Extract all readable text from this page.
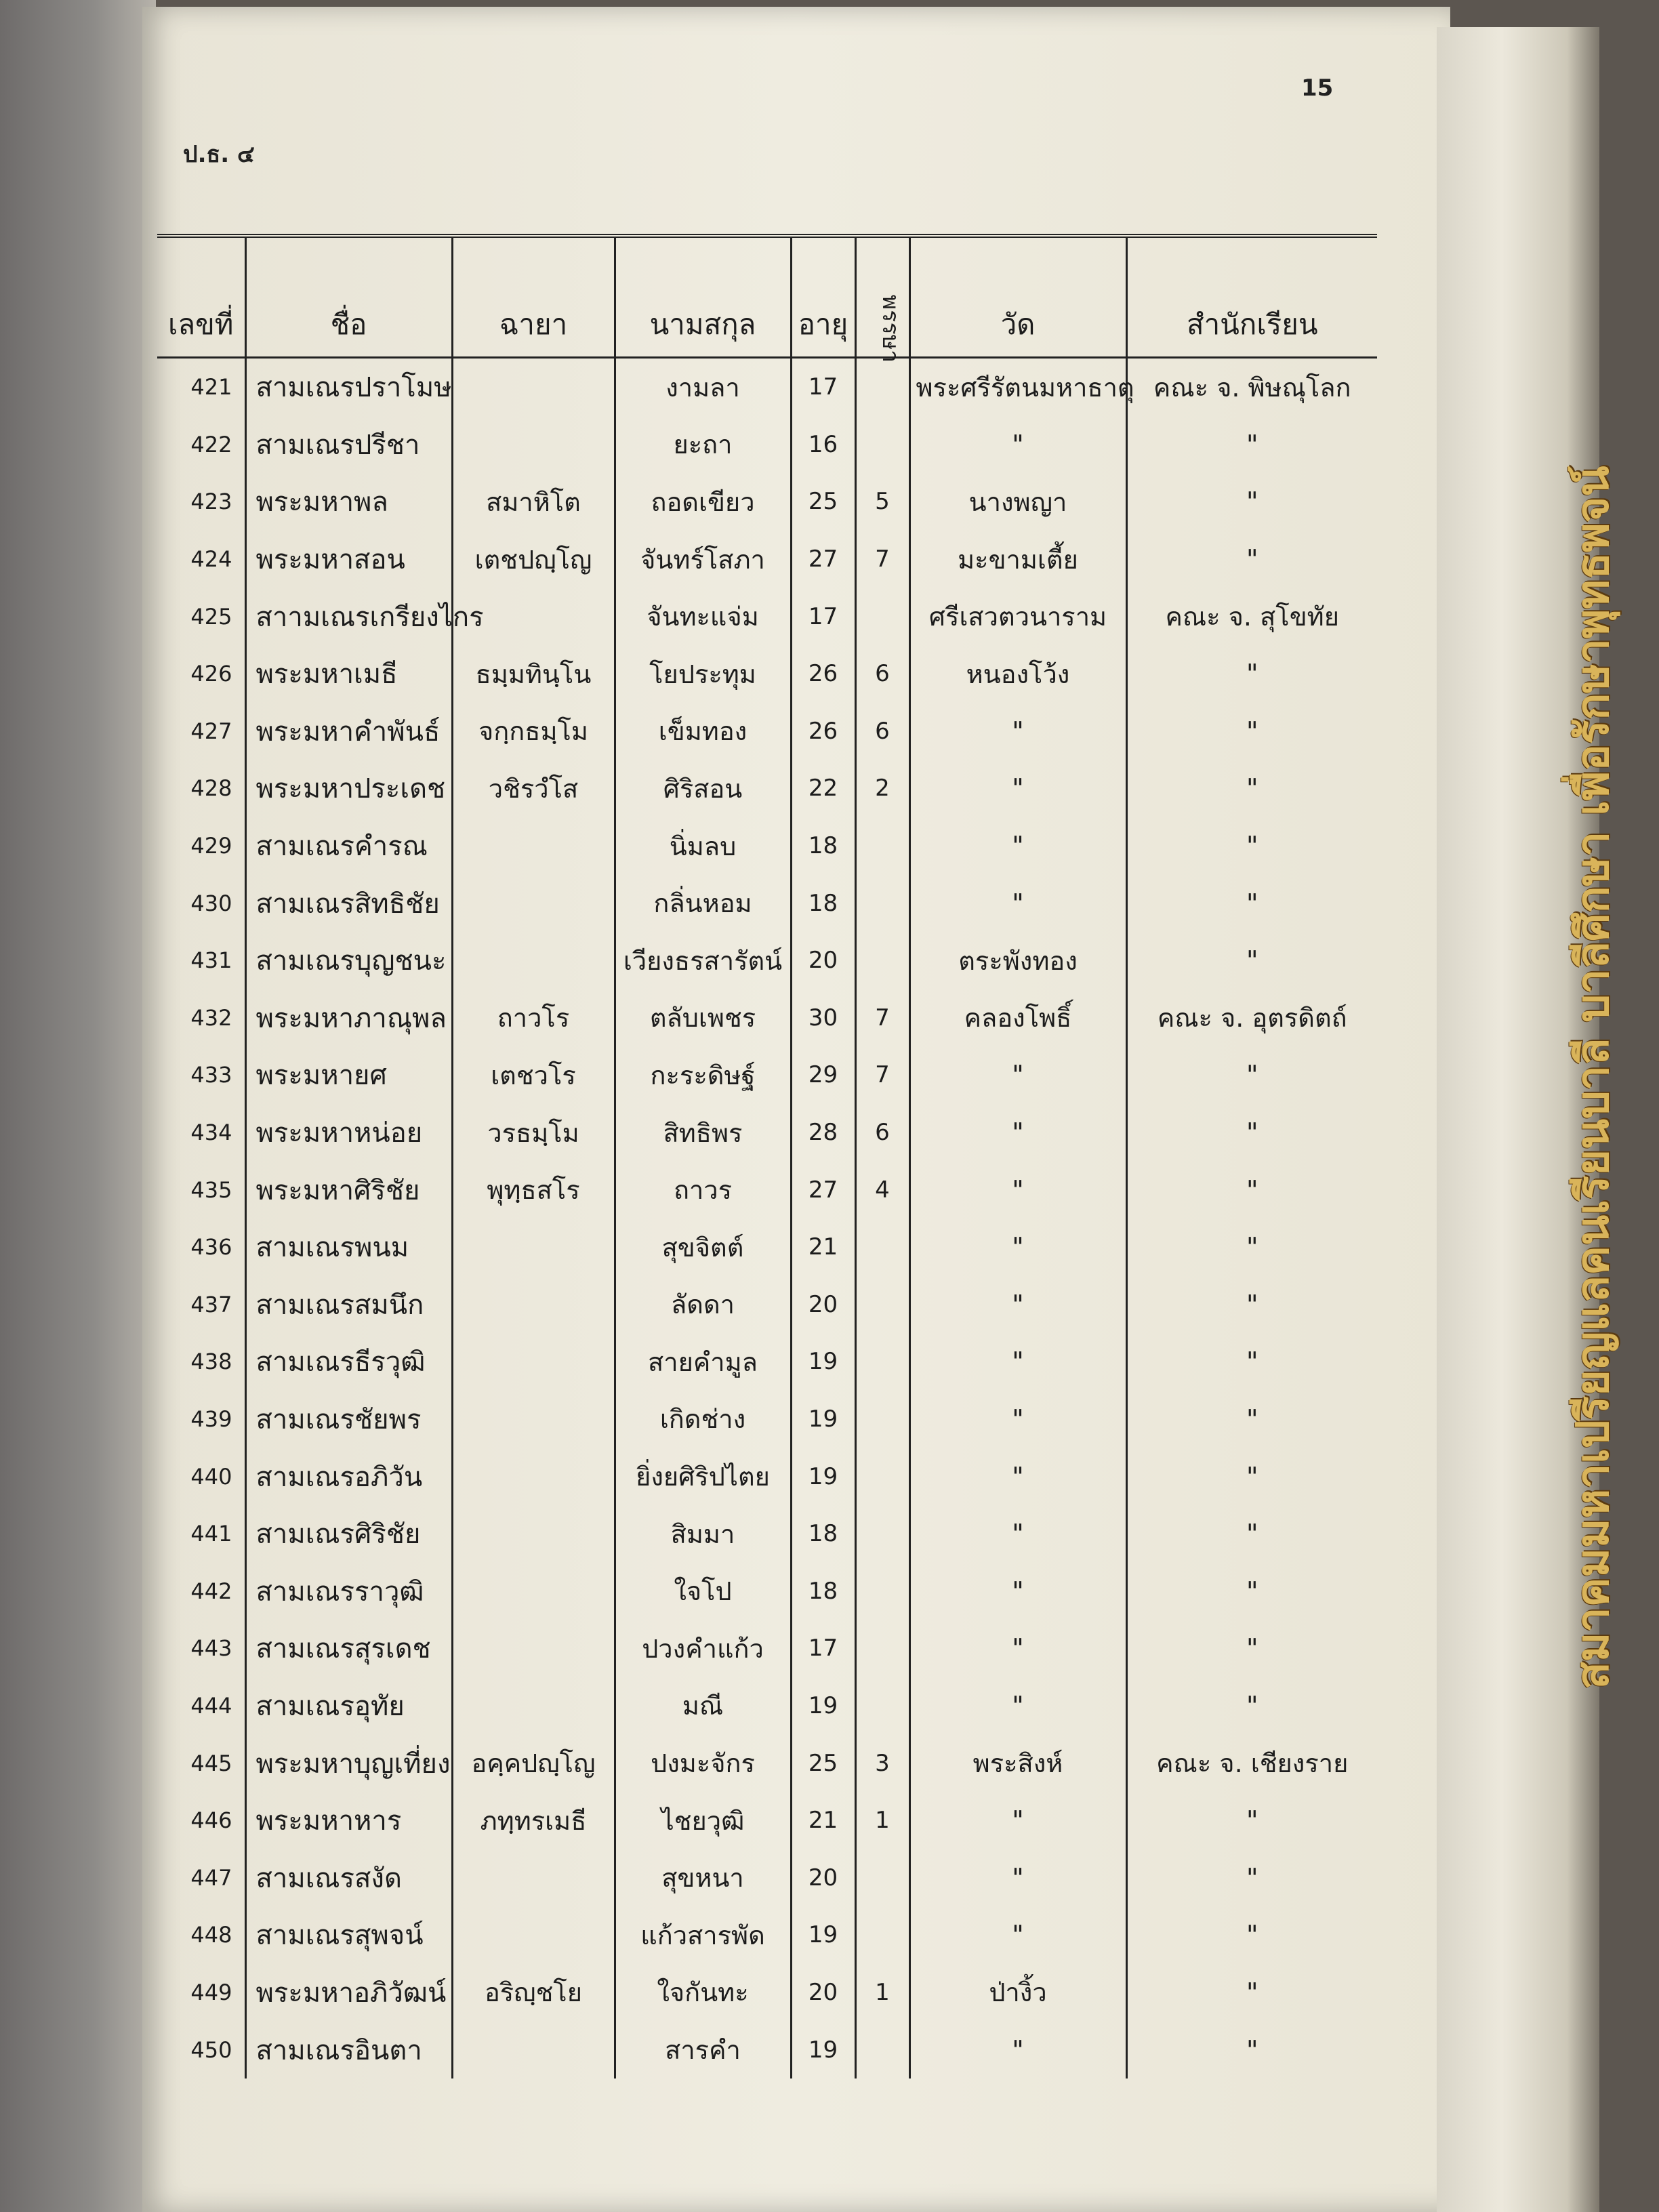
15
ป.ธ. ๔
เลขที่	ชื่อ	ฉายา	นามสกุล	อายุ	พรรษา	วัด	สำนักเรียน
421	สามเณรปราโมษ		งามลา	17		พระศรีรัตนมหาธาตุ	คณะ จ. พิษณุโลก
422	สามเณรปรีชา		ยะถา	16		"	"
423	พระมหาพล	สมาหิโต	ถอดเขียว	25	5	นางพญา	"
424	พระมหาสอน	เตชปญฺโญ	จันทร์โสภา	27	7	มะขามเตี้ย	"
425	สาามเณรเกรียงไกร		จันทะแจ่ม	17		ศรีเสวตวนาราม	คณะ จ. สุโขทัย
426	พระมหาเมธี	ธมฺมทินฺโน	โยประทุม	26	6	หนองโว้ง	"
427	พระมหาคำพันธ์	จกฺกธมฺโม	เข็มทอง	26	6	"	"
428	พระมหาประเดช	วชิรวํโส	ศิริสอน	22	2	"	"
429	สามเณรคำรณ		นิ่มลบ	18		"	"
430	สามเณรสิทธิชัย		กลิ่นหอม	18		"	"
431	สามเณรบุญชนะ		เวียงธรสารัตน์	20		ตระพังทอง	"
432	พระมหาภาณุพล	ถาวโร	ตลับเพชร	30	7	คลองโพธิ์	คณะ จ. อุตรดิตถ์
433	พระมหายศ	เตชวโร	กะระดิษฐ์	29	7	"	"
434	พระมหาหน่อย	วรธมฺโม	สิทธิพร	28	6	"	"
435	พระมหาศิริชัย	พุทฺธสโร	ถาวร	27	4	"	"
436	สามเณรพนม		สุขจิตต์	21		"	"
437	สามเณรสมนึก		ลัดดา	20		"	"
438	สามเณรธีรวุฒิ		สายคำมูล	19		"	"
439	สามเณรชัยพร		เกิดช่าง	19		"	"
440	สามเณรอภิวัน		ยิ่งยศิริปไตย	19		"	"
441	สามเณรศิริชัย		สิมมา	18		"	"
442	สามเณรราวุฒิ		ใจโป	18		"	"
443	สามเณรสุรเดช		ปวงคำแก้ว	17		"	"
444	สามเณรอุทัย		มณี	19		"	"
445	พระมหาบุญเที่ยง	อคฺคปญฺโญ	ปงมะจักร	25	3	พระสิงห์	คณะ จ. เชียงราย
446	พระมหาหาร	ภทฺทรเมธี	ไชยวุฒิ	21	1	"	"
447	สามเณรสงัด		สุขหนา	20		"	"
448	สามเณรสุพจน์		แก้วสารพัด	19		"	"
449	พระมหาอภิวัฒน์	อริญฺชโย	ใจกันทะ	20	1	ป่างิ้ว	"
450	สามเณรอินตา		สารคำ	19		"	"
สมาคมมหาเปรียญแลคนเรียนบาลี บาลีศึกษา เพื่อรักษาพุทธพจน์
